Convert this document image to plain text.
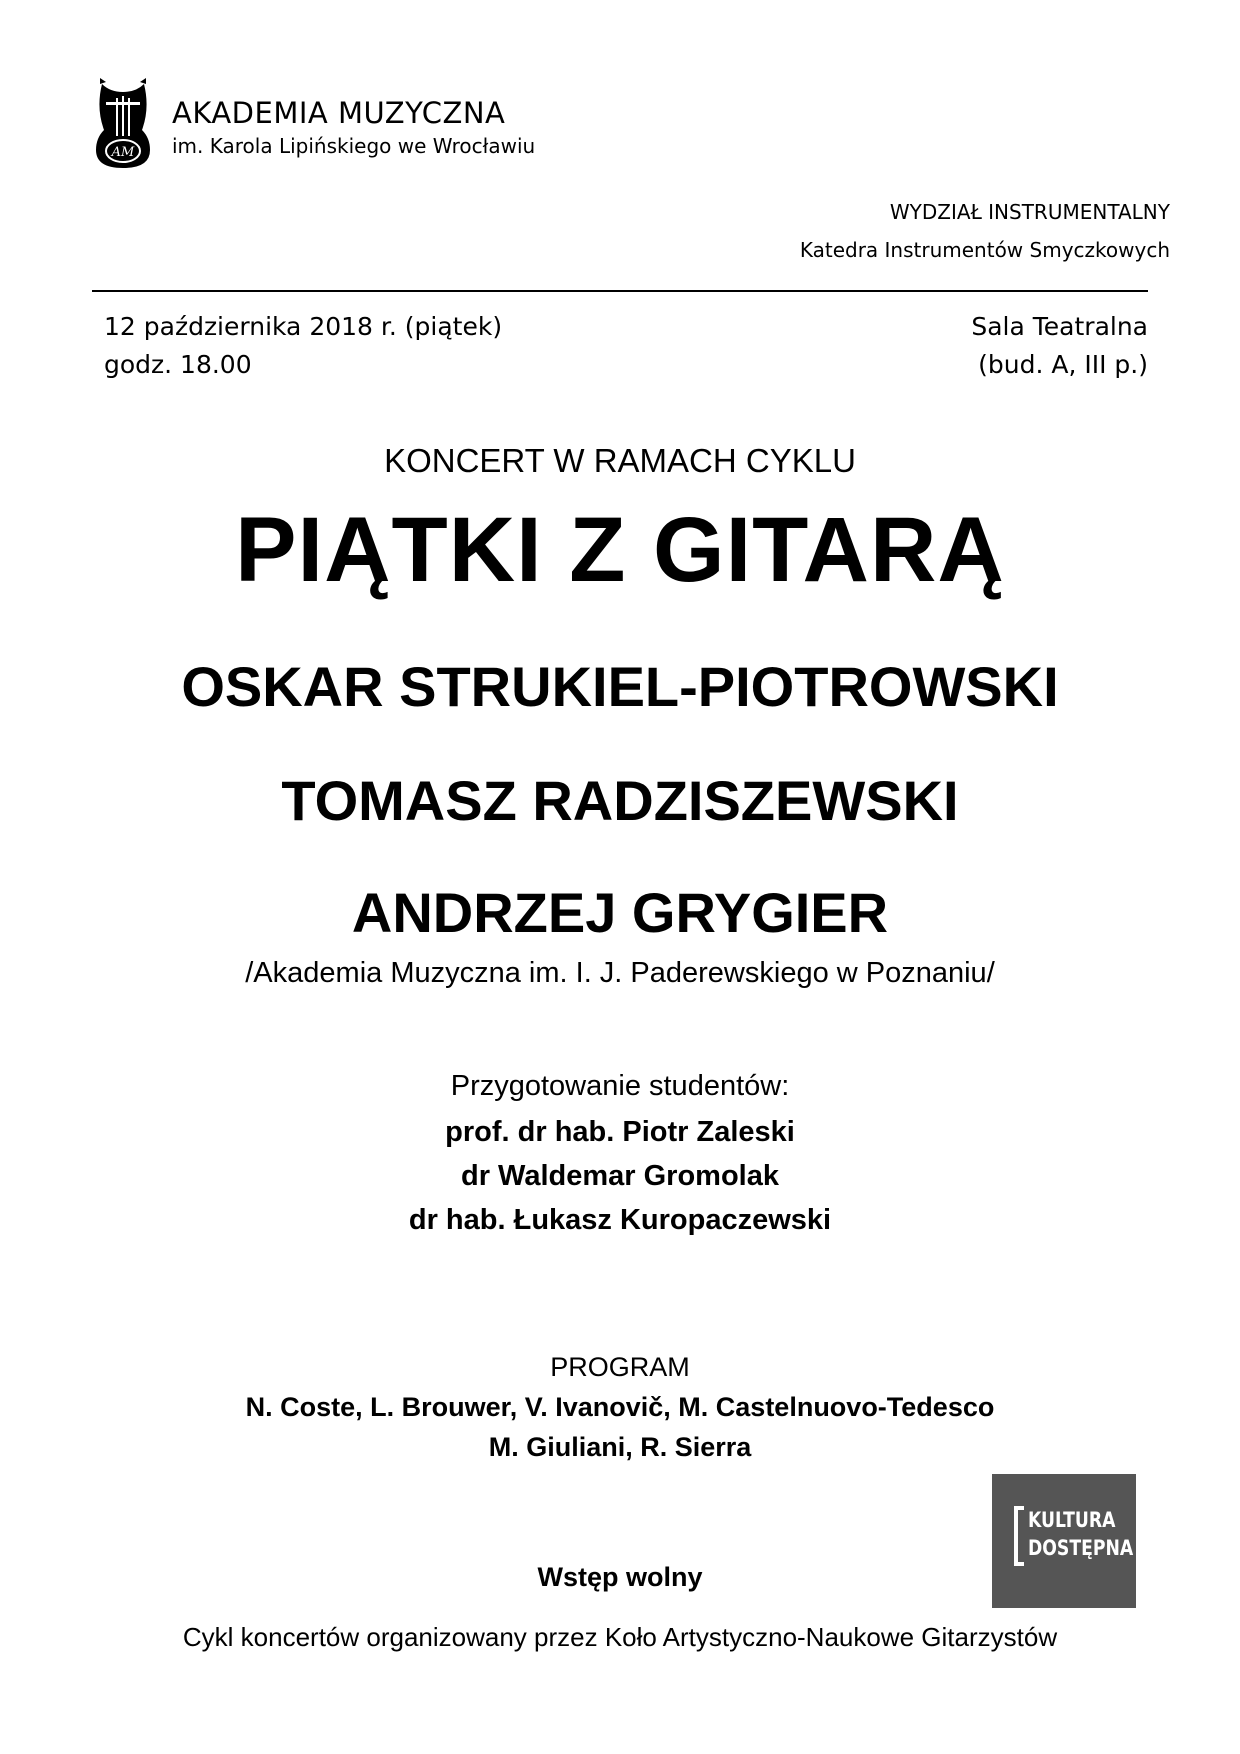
AM
AKADEMIA MUZYCZNA
im. Karola Lipińskiego we Wrocławiu
WYDZIAŁ INSTRUMENTALNY
Katedra Instrumentów Smyczkowych
12 października 2018 r. (piątek)
godz. 18.00
Sala Teatralna
(bud. A, III p.)
KONCERT W RAMACH CYKLU
PIĄTKI Z GITARĄ
OSKAR STRUKIEL-PIOTROWSKI
TOMASZ RADZISZEWSKI
ANDRZEJ GRYGIER
/Akademia Muzyczna im. I. J. Paderewskiego w Poznaniu/
Przygotowanie studentów:
prof. dr hab. Piotr Zaleski
dr Waldemar Gromolak
dr hab. Łukasz Kuropaczewski
PROGRAM
N. Coste, L. Brouwer, V. Ivanovič, M. Castelnuovo-Tedesco
M. Giuliani, R. Sierra
KULTURA
DOSTĘPNA
Wstęp wolny
Cykl koncertów organizowany przez Koło Artystyczno-Naukowe Gitarzystów
